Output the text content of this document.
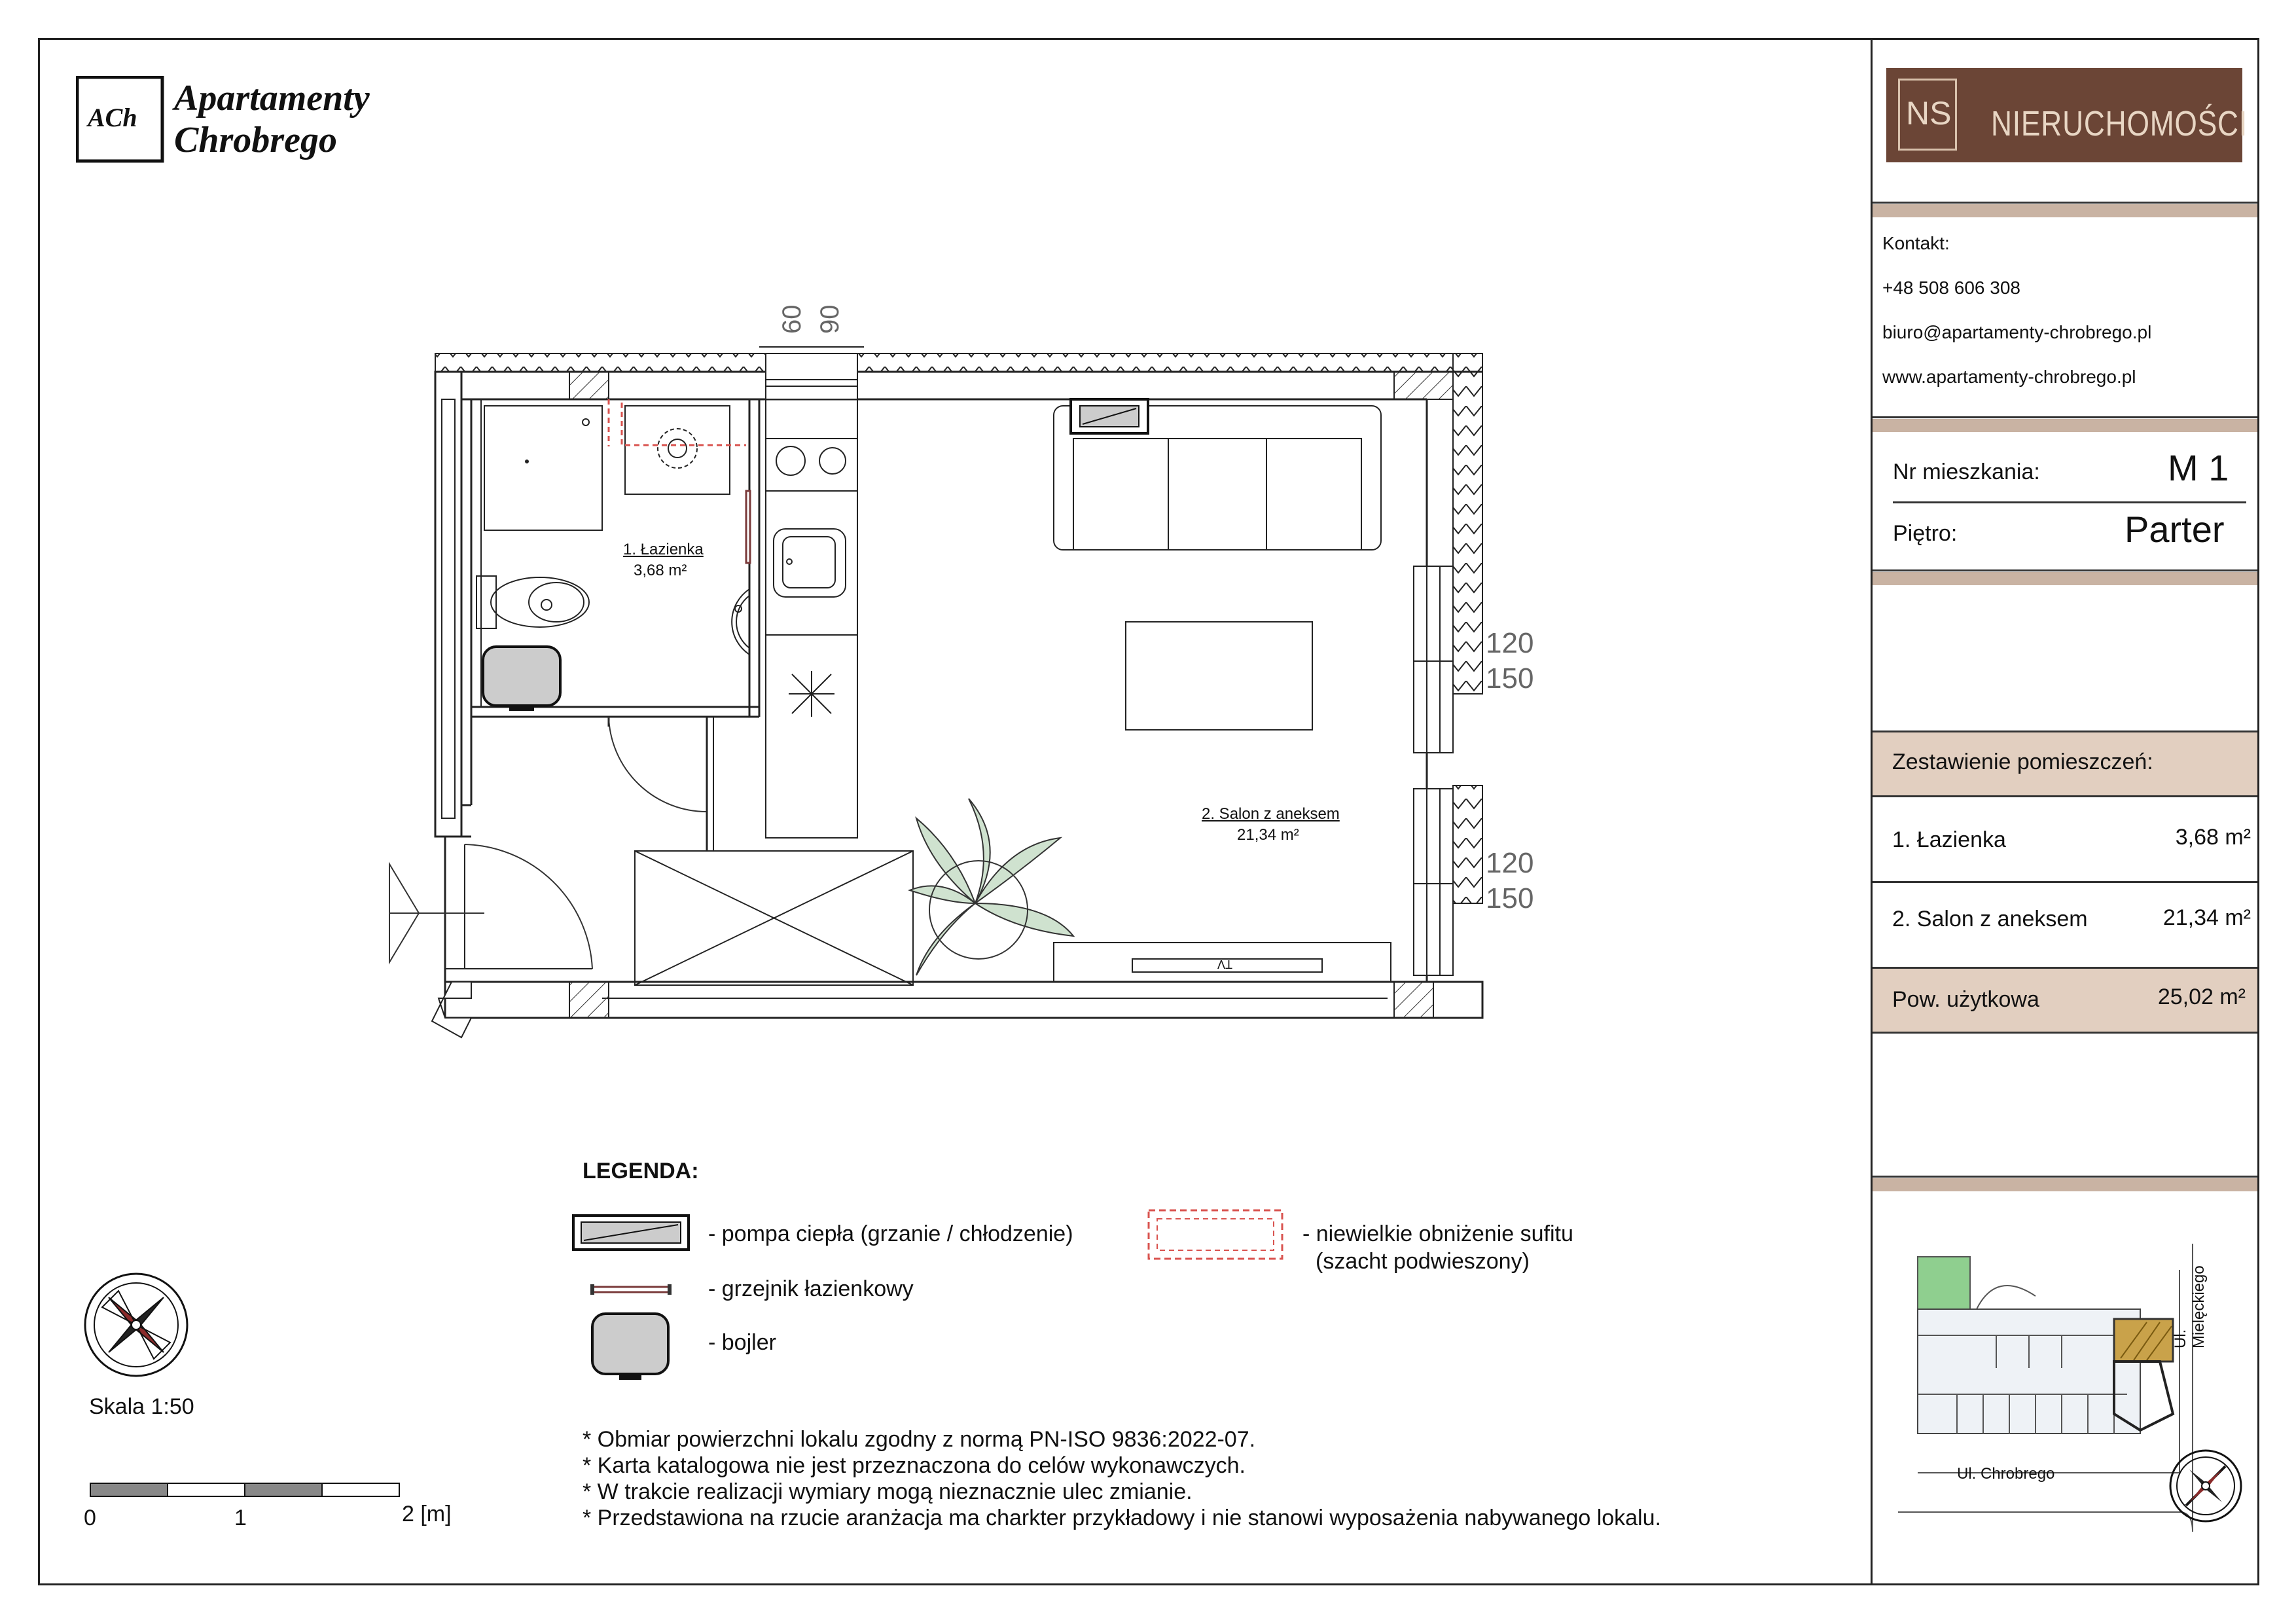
ACh Apartamenty
Chrobrego
NS NIERUCHOMOŚCI
Kontakt:
+48 508 606 308
biuro@apartamenty-chrobrego.pl
www.apartamenty-chrobrego.pl
Nr mieszkania:	M 1
Piętro:	Parter
Zestawienie pomieszczeń:
1. Łazienka	3,68 m²
2. Salon z aneksem	21,34 m²
Pow. użytkowa	25,02 m²
Ul. Mielęckiego
Ul. Chrobrego
1. Łazienka
3,68 m²
2. Salon z aneksem
21,34 m²
60 90
120
150
120
150
TV
LEGENDA:
- pompa ciepła (grzanie / chłodzenie)
- grzejnik łazienkowy
- bojler
- niewielkie obniżenie sufitu
(szacht podwieszony)
* Obmiar powierzchni lokalu zgodny z normą PN-ISO 9836:2022-07.
* Karta katalogowa nie jest przeznaczona do celów wykonawczych.
* W trakcie realizacji wymiary mogą nieznacznie ulec zmianie.
* Przedstawiona na rzucie aranżacja ma charkter przykładowy i nie stanowi wyposażenia nabywanego lokalu.
Skala 1:50
0	1	2 [m]
